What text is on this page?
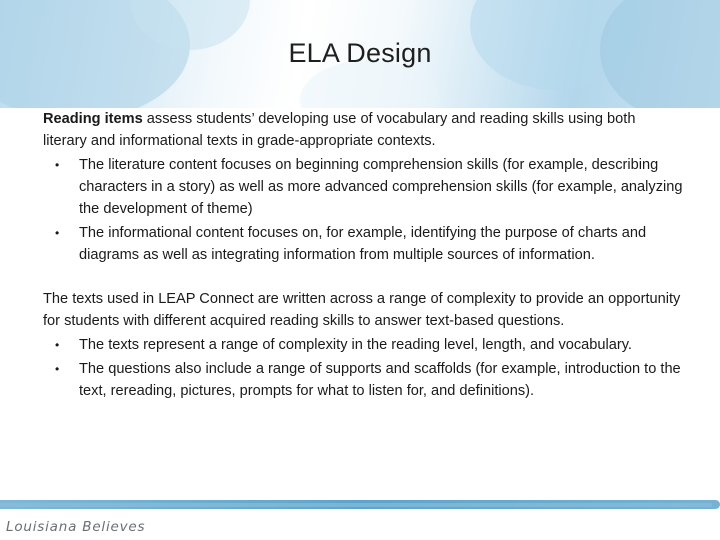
ELA Design

Reading items assess students’ developing use of vocabulary and reading skills using both literary and informational texts in grade-appropriate contexts.

• The literature content focuses on beginning comprehension skills (for example, describing characters in a story) as well as more advanced comprehension skills (for example, analyzing the development of theme)
• The informational content focuses on, for example, identifying the purpose of charts and diagrams as well as integrating information from multiple sources of information.

The texts used in LEAP Connect are written across a range of complexity to provide an opportunity for students with different acquired reading skills to answer text-based questions.

• The texts represent a range of complexity in the reading level, length, and vocabulary.
• The questions also include a range of supports and scaffolds (for example, introduction to the text, rereading, pictures, prompts for what to listen for, and definitions).
Louisiana Believes
